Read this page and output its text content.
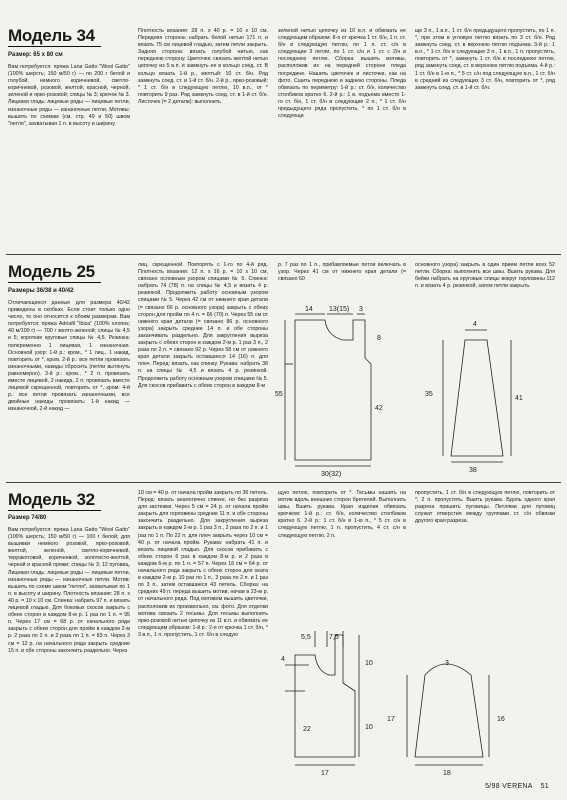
Модель 34
Размер: 65 х 80 см
Вам потребуется: пряжа Lana Gatto "Wool Gatto" (100% шерсть; 150 м/50 г) — по 200 г белой и голубой, немного коричневой, светло-коричневой, розовой, желтой, красной, черной, зеленой и ярко-розовой; спицы № 3; крючок № 3. Лицевая гладь: лицевые ряды — лицевые петли, изнаночные ряды — изнаночные петли. Мотивы: вышить по схемам (см. стр. 49 и 50) швом "петля", захватывая 1 п. в высоту и ширину.
Плотность вязания: 28 п. х 40 р. = 10 х 10 см. Передняя сторона: набрать белой нитью 171 п. и вязать 75 см лицевой гладью, затем петли закрыть. Задняя сторона: вязать голубой нитью, как переднюю сторону. Цветочек: связать желтой нитью цепочку из 5 в.п. и замкнуть ее в кольцо соед. ст. В кольцо вязать 1-й р., желтый: 10 ст. б/н. Ряд замкнуть соед. ст. и 1-й ст. б/н. 2-й р., ярко-розовый: * 1 ст. б/н в следующую петлю, 10 в.п., от * повторить 9 раз. Ряд замкнуть соед. ст. в 1-й ст. б/н. Листочек (= 2 детали): выполнить
зеленой нитью цепочку из 10 в.п. и обвязать ее следующим образом: 8-я от крючка 1 ст. б/н, 1 п. ст. б/н в следующую петлю, по 1 п. ст. с/н в следующие 3 петли, по 1 ст. с/н и 1 ст. с 2/н в последнюю петлю. Сборка: вышить мотивы, расположив их на передней стороне пледа посредине. Нашить цветочек и листочки, как на фото. Сшить переднюю и заднюю стороны. Пледа обвязать по периметру: 1-й р.: ст. б/н, количество столбиков кратно 6. 2-й р.: 1 в. подъема вместо 1-го ст. б/н, 1 ст. б/н в следующие 2 п., * 1 ст. б/н предыдущего ряда пропустить, * по 1 ст. б/н в следующи
ще 3 п., 1 в.п., 1 ст. б/н предыдущего пропустить, по 1 п. *, при этом в угловую петлю вязать по 3 ст. б/н. Ряд замкнуть соед. ст. в верхнюю петлю подъема. 3-й р.: 1 в.п., * 1 ст. б/н в следующие 3 п., 1 в.п., 1 п. пропустить, повторить от *, замкнуть 1 ст. б/н в последнюю петлю, ряд замкнуть соед. ст. в верхнюю петлю подъема. 4-й р.: 1 ст. б/н в 1-ю п., * 5 ст. с/н под следующую в.п., 1 ст. б/н в средний из следующих 3 ст. б/н, повторить от *, ряд замкнуть соед. ст. в 1-й ст. б/н.
Модель 25
Размеры 36/38 и 40/42
Отличающиеся данные для размера 40/42 приведены в скобках. Если стоит только одно число, то оно относится к обоим размерам. Вам потребуется: пряжа Adriafil "Ibiza" (100% хлопок; 40 м/100 г) — 700 г желто-зеленой; спицы № 4,5 и 5; короткие круговые спицы № 4,5. Резинка: попеременно 1 лицевая, 1 изнаночная. Основной узор: 1-й р.: кром., * 1 лиц., 1 накид, повторить от *, кром. 2-й р.: все петли провязать изнаночными, накиды сбросить (петли вытянуть равномерно). 3-й р.: кром., * 2 п. провязать вместе лицевой, 2 накида, 2 п. провязать вместе лицевой скрещенной, повторить от *, кром. 4-й р.: все петли провязать изнаночными, все двойные накиды провязать: 1-й накид — изнаночной, 2-й накид —
лиц. скрещенной. Повторять с 1-го по 4-й ряд. Плотность вязания: 12 п. х 16 р. = 10 х 10 см, связано основным узором спицами № 5. Спинка: набрать 74 (78) п. на спицы № 4,5 и вязать 4 р. резинкой. Продолжить работу основным узором спицами № 5. Через 42 см от нижнего края детали (= связано 66 р. основного узора) закрыть с обеих сторон для пройм по 4 п. = 66 (70) п. Через 55 см от нижнего края детали (= связано 86 р. основного узора) закрыть средние 14 п. и обе стороны заканчивать раздельно. Для закругления выреза закрыть с обеих сторон в каждом 2-м р. 1 раз 3 п., 2 раза по 2 п. = связано 92 р. Через 58 см от нижнего края детали закрыть оставшиеся 14 (16) п. для плеч. Перед: вязать, как спинку. Рукава: набрать 38 п. на спицы № 4,5 и вязать 4 р. резинкой. Продолжить работу основным узором спицами № 5. Для скосов прибавить с обеих сторон в каждом 8-м
р. 7 раз по 1 п., прибавляемые петли включать в узор. Через 41 см от нижнего края детали (= связано 60
основного узора) закрыть в один прием петли всех 52 петли. Сборка: выполнить все швы. Вшить рукава. Для бейки набрать на круговые спицы вокруг горловины 112 п. и вязать 4 р. резинкой, затем петли закрыть.
14 13(15) 3
8
55
42
30(32)
35
41
4
38
Модель 32
Размер 74/80
Вам потребуется: пряжа Lana Gatto "Wool Gatto" (100% шерсть; 150 м/50 г) — 100 г белой; для вышивки немного розовой, ярко-розовой, желтой, зеленой, светло-коричневой, терракотовой, коричневой, золотисто-желтой, черной и красной пряжи; спицы № 3; 12 пуговиц. Лицевая гладь: лицевые ряды — лицевые петли, изнаночные ряды — изнаночные петли. Мотив: вышить по схеме швом "петля", захватывая по 1 п. в высоту и ширину. Плотность вязания: 28 п. х 40 р. = 10 х 10 см. Спинка: набрать 97 п. и вязать лицевой гладью. Для боковых скосов закрыть с обеих сторон в каждом 8-м р. 1 раз по 1 п. = 95 п. Через 17 см = 68 р. от начального ряда закрыть с обеих сторон для пройм в каждом 2-м р. 2 раза по 2 п. и 2 раза по 1 п. = 83 п. Через 3 см = 12 р. на начального ряда закрыть средние 15 п. и обе стороны закончить раздельно. Через
10 см = 40 р. от начала пройм закрыть по 36 петель. Перед: вязать аналогично спинке, но без разреза для застежки. Через 5 см = 24 р. от начала пройм закрыть для горловины средние 11 п. и обе стороны закончить раздельно. Для закругления выреза закрыть в каждом 2-м р. 1 раз 3 п., 2 раза по 2 п. и 1 раз по 1 п. По 22 п. для плеч закрыть через 10 см = 40 р. от начала пройм. Рукава: набрать 41 п. и вязать лицевой гладью. Для скосов прибавить с обеих сторон 6 раз в каждом 8-м р. и 2 раза в каждом 6-м р. по 1 п. = 57 п. Через 16 см = 64 р. от начального ряда закрыть с обеих сторон для оката в каждом 2-м р. 10 раз по 1 п., 3 раза по 2 п. и 1 раз по 3 п., затем оставшиеся 43 петель. Сборка: на средних 49 п. переда вышить мотив, начав в 23-м р. от начального ряда. Под мотивом вышить цветочки, расположив их произвольно, см. фото. Для отделки мотива связать 2 тесьмы. Для тесьмы выполнить ярко-розовой нитью цепочку из 11 в.п. и обвязать ее следующим образом: 1-й р.: 2-я от крючка 1 ст. б/н, * 3 в.п., 1 п. пропустить, 1 ст. б/н в следую
щую петлю, повторить от *. Тесьмы нашить на мотив вдоль внешних сторон бретелей. Выполнить швы. Вшить рукава. Края изделия обвязать крючком: 1-й р.: ст. б/н, количество столбиков кратно 6. 2-й р.: 1 ст. б/н в 1-ю п., * 5 ст. с/н в следующую петлю, 1 п. пропустить, 4 ст. с/н в следующую петлю, 2 п.
пропустить, 1 ст. б/н в следующую петлю, повторить от *, 2 п. пропустить. Вшить рукава. Вдоль одного края разреза пришить пуговицы. Петлями для пуговиц служат отверстия между группами ст. с/н обвязки другого края разреза.
5,5	7,5
4
22
10
10
17
17
18
3
16
5/98 VERENA 51
